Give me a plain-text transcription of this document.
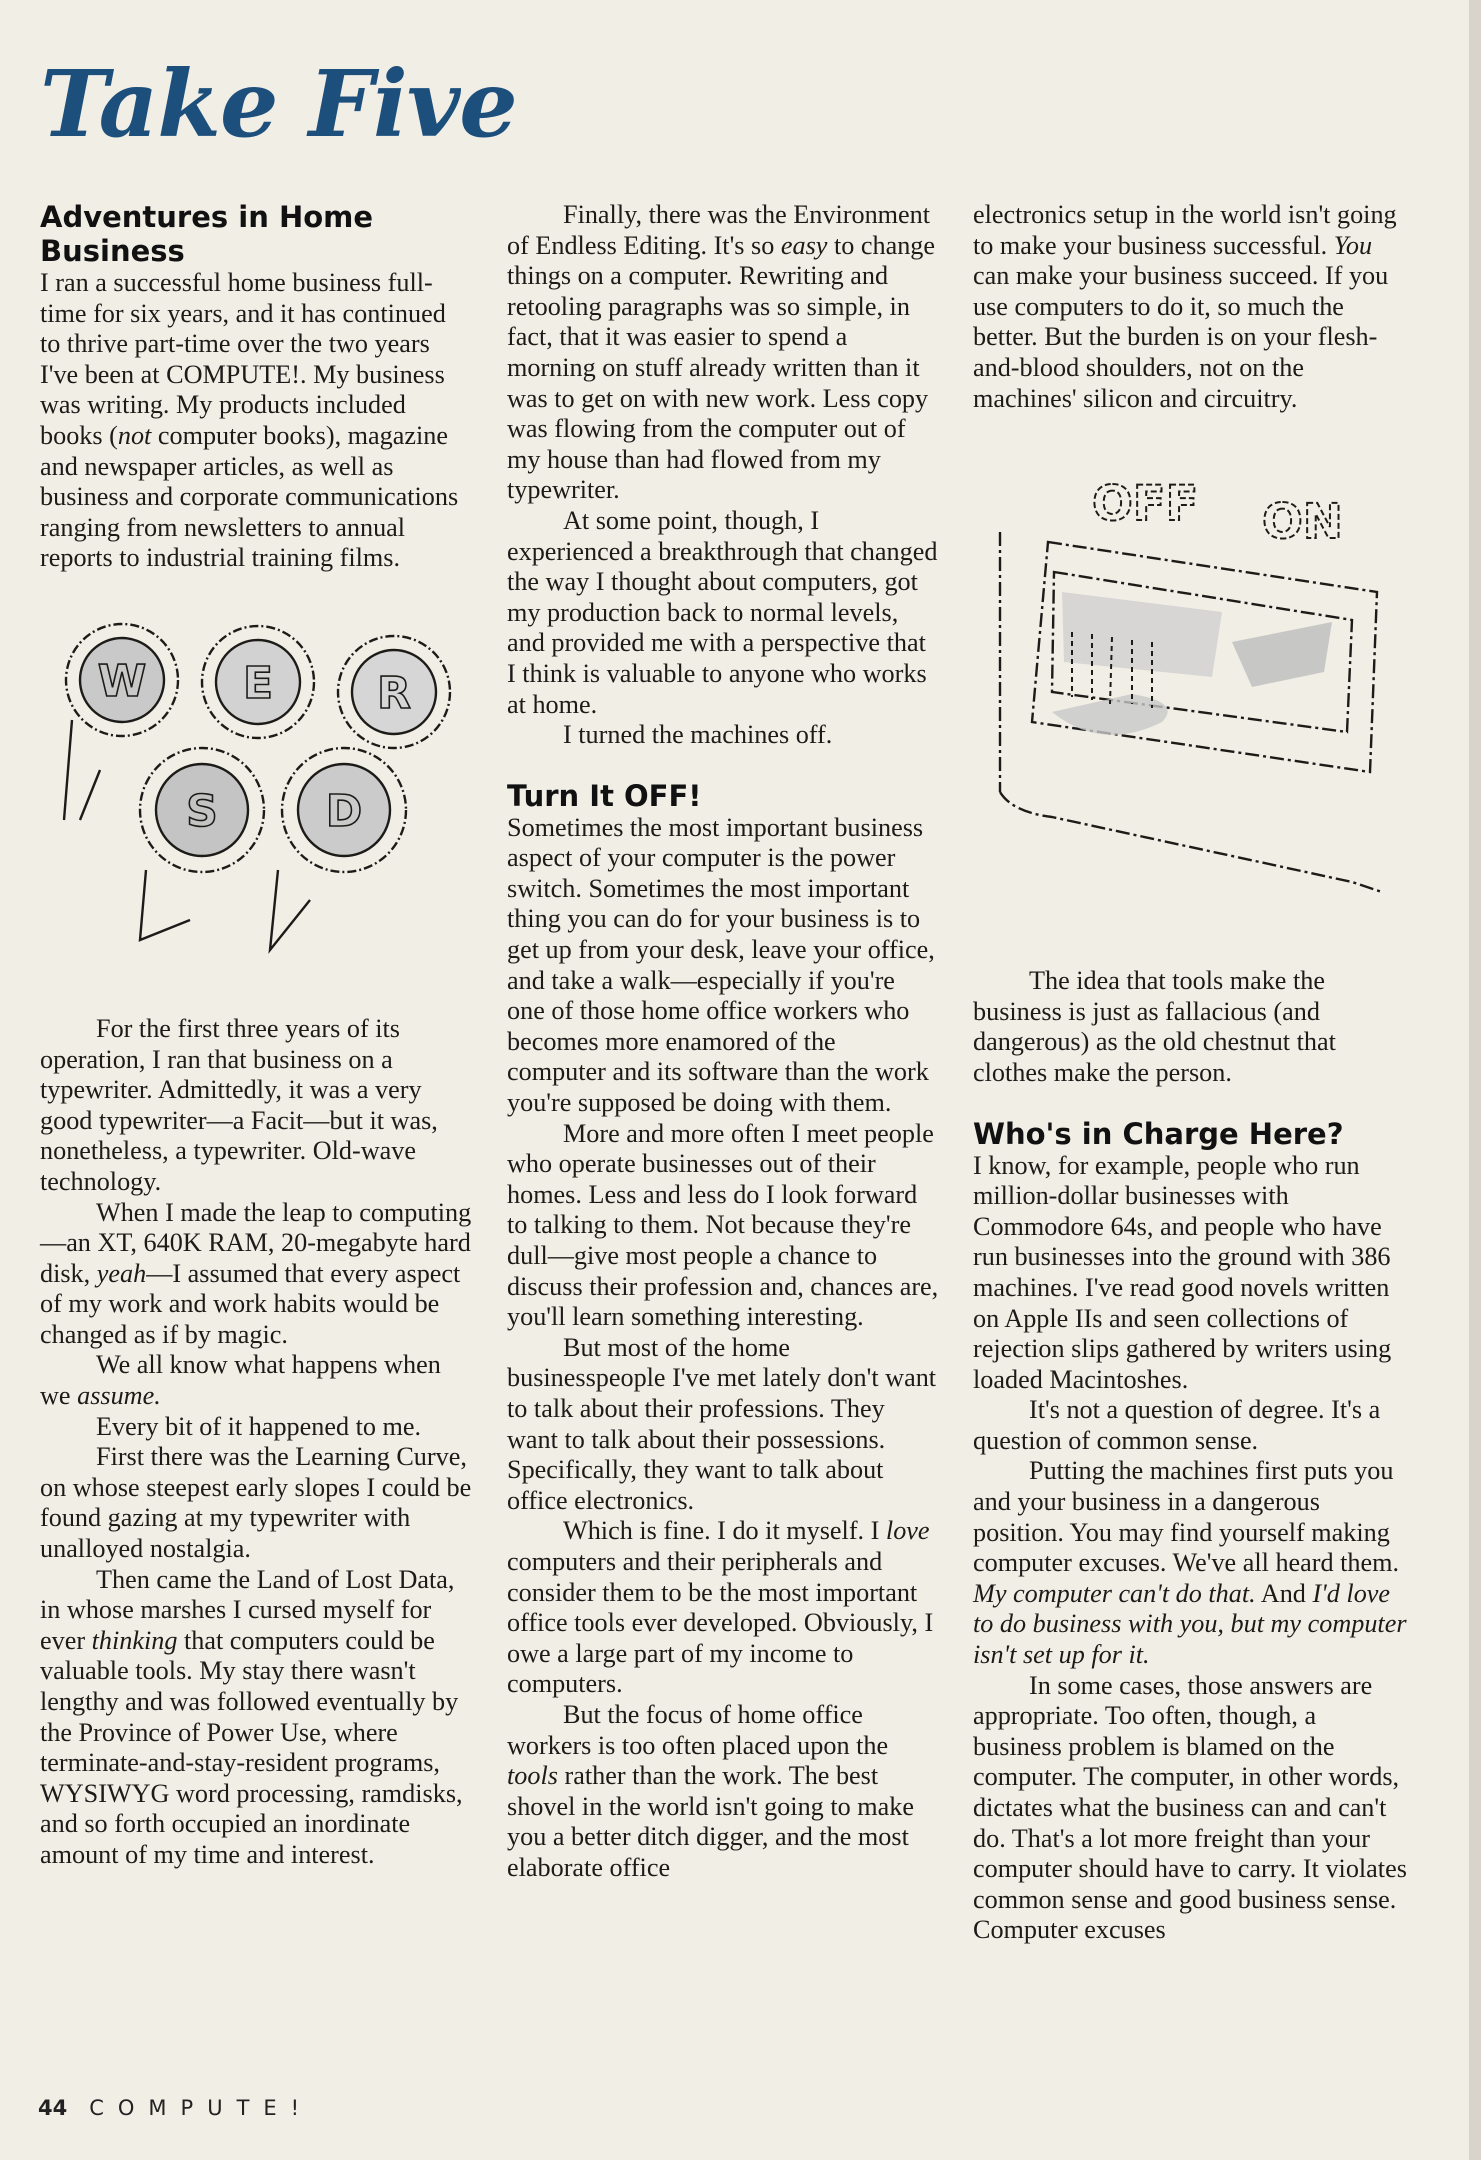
Take Five
Adventures in Home Business

I ran a successful home business full-time for six years, and it has continued to thrive part-time over the two years I've been at COMPUTE!. My business was writing. My products included books (not computer books), magazine and newspaper articles, as well as business and corporate communications ranging from newsletters to annual reports to industrial training films.

W E R
S D

For the first three years of its operation, I ran that business on a typewriter. Admittedly, it was a very good typewriter—a Facit—but it was, nonetheless, a typewriter. Old-wave technology.

When I made the leap to computing—an XT, 640K RAM, 20-megabyte hard disk, yeah—I assumed that every aspect of my work and work habits would be changed as if by magic.

We all know what happens when we assume.

Every bit of it happened to me.

First there was the Learning Curve, on whose steepest early slopes I could be found gazing at my typewriter with unalloyed nostalgia.

Then came the Land of Lost Data, in whose marshes I cursed myself for ever thinking that computers could be valuable tools. My stay there wasn't lengthy and was followed eventually by the Province of Power Use, where terminate-and-stay-resident programs, WYSIWYG word processing, ramdisks, and so forth occupied an inordinate amount of my time and interest.

Finally, there was the Environment of Endless Editing. It's so easy to change things on a computer. Rewriting and retooling paragraphs was so simple, in fact, that it was easier to spend a morning on stuff already written than it was to get on with new work. Less copy was flowing from the computer out of my house than had flowed from my typewriter.

At some point, though, I experienced a breakthrough that changed the way I thought about computers, got my production back to normal levels, and provided me with a perspective that I think is valuable to anyone who works at home.

I turned the machines off.

Turn It OFF!

Sometimes the most important business aspect of your computer is the power switch. Sometimes the most important thing you can do for your business is to get up from your desk, leave your office, and take a walk—especially if you're one of those home office workers who becomes more enamored of the computer and its software than the work you're supposed be doing with them.

More and more often I meet people who operate businesses out of their homes. Less and less do I look forward to talking to them. Not because they're dull—give most people a chance to discuss their profession and, chances are, you'll learn something interesting.

But most of the home businesspeople I've met lately don't want to talk about their professions. They want to talk about their possessions. Specifically, they want to talk about office electronics.

Which is fine. I do it myself. I love computers and their peripherals and consider them to be the most important office tools ever developed. Obviously, I owe a large part of my income to computers.

But the focus of home office workers is too often placed upon the tools rather than the work. The best shovel in the world isn't going to make you a better ditch digger, and the most elaborate office

electronics setup in the world isn't going to make your business successful. You can make your business succeed. If you use computers to do it, so much the better. But the burden is on your flesh-and-blood shoulders, not on the machines' silicon and circuitry.

OFF ON

The idea that tools make the business is just as fallacious (and dangerous) as the old chestnut that clothes make the person.

Who's in Charge Here?

I know, for example, people who run million-dollar businesses with Commodore 64s, and people who have run businesses into the ground with 386 machines. I've read good novels written on Apple IIs and seen collections of rejection slips gathered by writers using loaded Macintoshes.

It's not a question of degree. It's a question of common sense.

Putting the machines first puts you and your business in a dangerous position. You may find yourself making computer excuses. We've all heard them. My computer can't do that. And I'd love to do business with you, but my computer isn't set up for it.

In some cases, those answers are appropriate. Too often, though, a business problem is blamed on the computer. The computer, in other words, dictates what the business can and can't do. That's a lot more freight than your computer should have to carry. It violates common sense and good business sense. Computer excuses

44 COMPUTE!
